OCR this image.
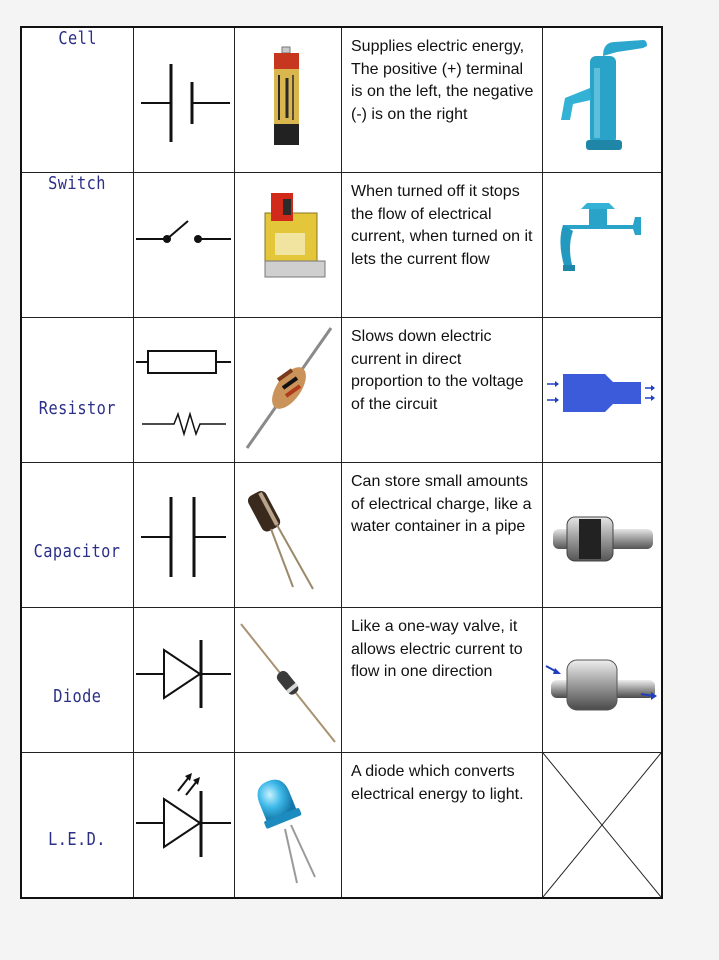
Cell			Supplies electric energy, The positive (+) terminal is on the left, the negative (-) is on the right

Switch			When turned off it stops the flow of electrical current, when turned on it lets the current flow

Resistor			Slows down electric current in direct proportion to the voltage of the circuit

Capacitor			Can store small amounts of electrical charge, like a water container in a pipe

Diode			Like a one-way valve, it allows electric current to flow in one direction

L.E.D.			A diode which converts electrical energy to light.
